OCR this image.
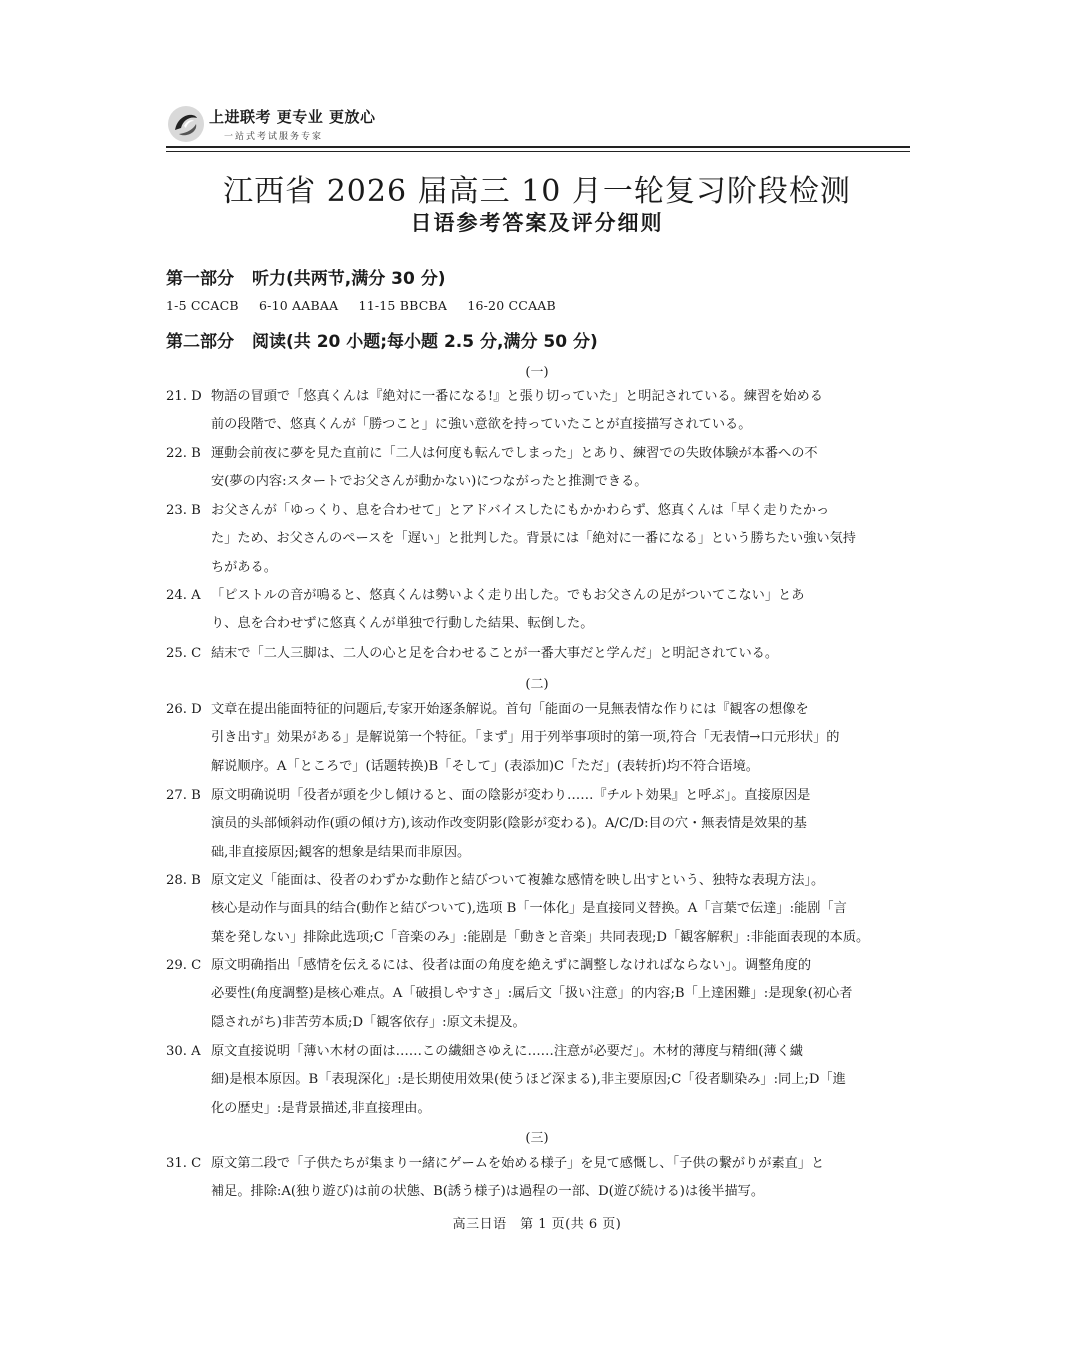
上进联考 更专业 更放心
一站式考试服务专家
江西省 2026 届高三 10 月一轮复习阶段检测
日语参考答案及评分细则
第一部分 听力(共两节,满分 30 分)
1-5 CCACB 6-10 AABAA 11-15 BBCBA 16-20 CCAAB
第二部分 阅读(共 20 小题;每小题 2.5 分,满分 50 分)
(一)
21. D 物語の冒頭で「悠真くんは『絶対に一番になる!』と張り切っていた」と明記されている。練習を始める
前の段階で、悠真くんが「勝つこと」に強い意欲を持っていたことが直接描写されている。
22. B 運動会前夜に夢を見た直前に「二人は何度も転んでしまった」とあり、練習での失敗体験が本番への不
安(夢の内容:スタートでお父さんが動かない)につながったと推測できる。
23. B お父さんが「ゆっくり、息を合わせて」とアドバイスしたにもかかわらず、悠真くんは「早く走りたかっ
た」ため、お父さんのペースを「遅い」と批判した。背景には「絶対に一番になる」という勝ちたい強い気持
ちがある。
24. A 「ピストルの音が鳴ると、悠真くんは勢いよく走り出した。でもお父さんの足がついてこない」とあ
り、息を合わせずに悠真くんが単独で行動した結果、転倒した。
25. C 結末で「二人三脚は、二人の心と足を合わせることが一番大事だと学んだ」と明記されている。
(二)
26. D 文章在提出能面特征的问题后,专家开始逐条解说。首句「能面の一見無表情な作りには『観客の想像を
引き出す』効果がある」是解说第一个特征。「まず」用于列举事项时的第一项,符合「无表情→口元形状」的
解说顺序。A「ところで」(话题转换)B「そして」(表添加)C「ただ」(表转折)均不符合语境。
27. B 原文明确说明「役者が頭を少し傾けると、面の陰影が変わり……『チルト効果』と呼ぶ」。直接原因是
演员的头部倾斜动作(頭の傾け方),该动作改变阴影(陰影が変わる)。A/C/D:目の穴・無表情是效果的基
础,非直接原因;観客的想象是结果而非原因。
28. B 原文定义「能面は、役者のわずかな動作と結びついて複雑な感情を映し出すという、独特な表現方法」。
核心是动作与面具的结合(動作と結びついて),选项 B「一体化」是直接同义替换。A「言葉で伝達」:能剧「言
葉を発しない」排除此选项;C「音楽のみ」:能剧是「動きと音楽」共同表现;D「観客解釈」:非能面表现的本质。
29. C 原文明确指出「感情を伝えるには、役者は面の角度を絶えずに調整しなければならない」。调整角度的
必要性(角度調整)是核心难点。A「破損しやすさ」:属后文「扱い注意」的内容;B「上達困難」:是现象(初心者
隠されがち)非苦劳本质;D「観客依存」:原文未提及。
30. A 原文直接说明「薄い木材の面は……この繊細さゆえに……注意が必要だ」。木材的薄度与精细(薄く繊
細)是根本原因。B「表現深化」:是长期使用效果(使うほど深まる),非主要原因;C「役者馴染み」:同上;D「進
化の歴史」:是背景描述,非直接理由。
(三)
31. C 原文第二段で「子供たちが集まり一緒にゲームを始める様子」を見て感慨し、「子供の繋がりが素直」と
補足。排除:A(独り遊び)は前の状態、B(誘う様子)は過程の一部、D(遊び続ける)は後半描写。
高三日语　第 1 页(共 6 页)
